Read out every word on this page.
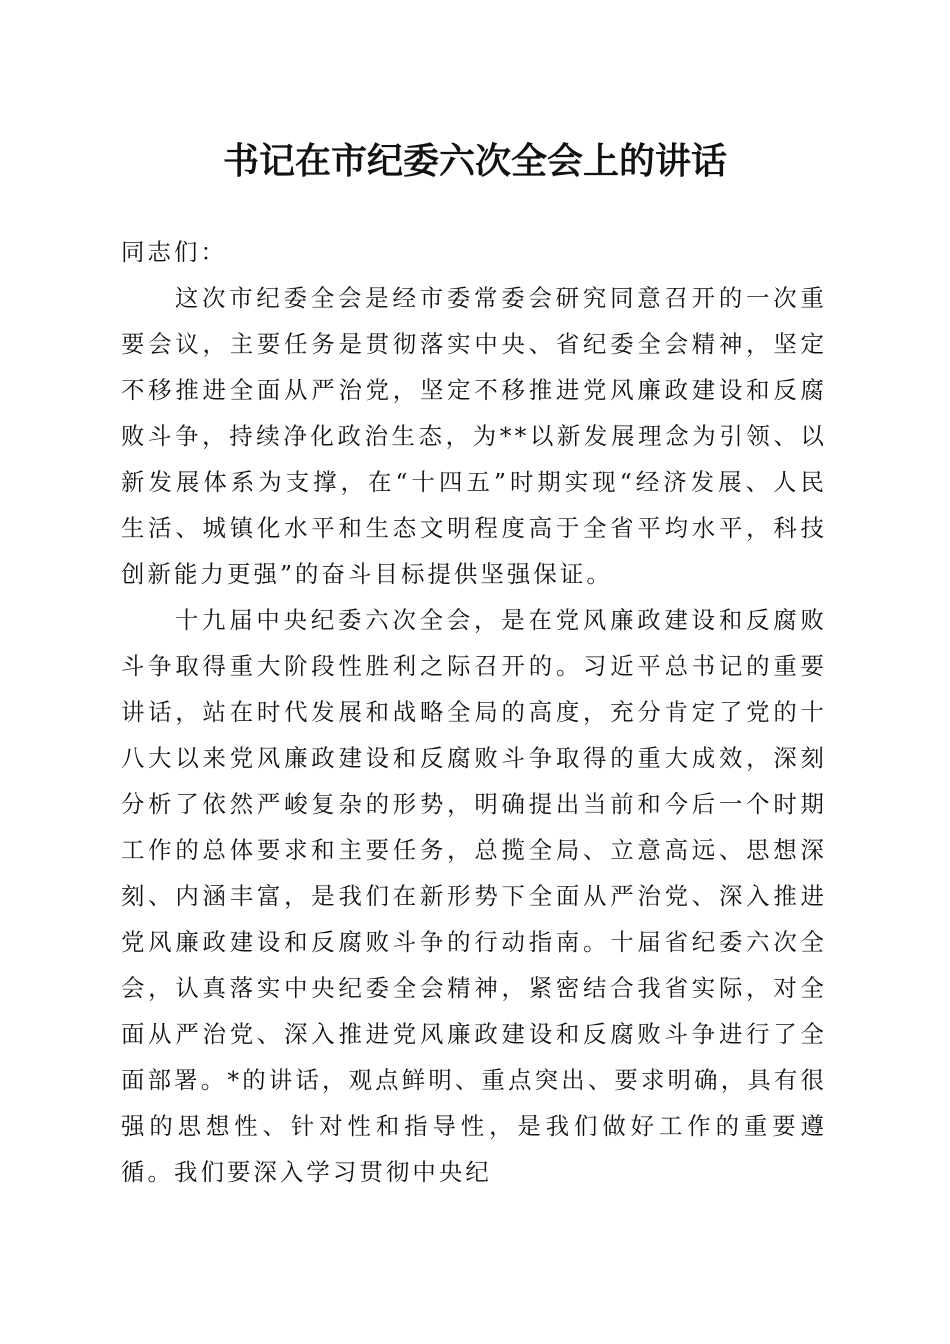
书记在市纪委六次全会上的讲话

同志们：

这次市纪委全会是经市委常委会研究同意召开的一次重要会议，主要任务是贯彻落实中央、省纪委全会精神，坚定不移推进全面从严治党，坚定不移推进党风廉政建设和反腐败斗争，持续净化政治生态，为**以新发展理念为引领、以新发展体系为支撑，在“十四五”时期实现“经济发展、人民生活、城镇化水平和生态文明程度高于全省平均水平，科技创新能力更强”的奋斗目标提供坚强保证。

十九届中央纪委六次全会，是在党风廉政建设和反腐败斗争取得重大阶段性胜利之际召开的。习近平总书记的重要讲话，站在时代发展和战略全局的高度，充分肯定了党的十八大以来党风廉政建设和反腐败斗争取得的重大成效，深刻分析了依然严峻复杂的形势，明确提出当前和今后一个时期工作的总体要求和主要任务，总揽全局、立意高远、思想深刻、内涵丰富，是我们在新形势下全面从严治党、深入推进党风廉政建设和反腐败斗争的行动指南。十届省纪委六次全会，认真落实中央纪委全会精神，紧密结合我省实际，对全面从严治党、深入推进党风廉政建设和反腐败斗争进行了全面部署。*的讲话，观点鲜明、重点突出、要求明确，具有很强的思想性、针对性和指导性，是我们做好工作的重要遵循。我们要深入学习贯彻中央纪
